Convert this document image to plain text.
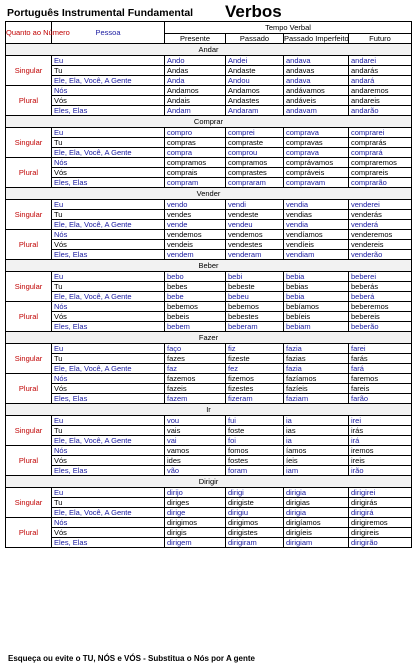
Português Instrumental Fundamental Verbos
Quanto ao Número	Pessoa	Tempo Verbal			
		Presente	Passado	Passado Imperfeito	Futuro
Andar					
Singular	Eu	Ando	Andei	andava	andarei
	Tu	Andas	Andaste	andavas	andarás
	Ele, Ela, Você, A Gente	Anda	Andou	andava	andará
Plural	Nós	Andamos	Andamos	andávamos	andaremos
	Vós	Andais	Andastes	andáveis	andareis
	Eles, Elas	Andam	Andaram	andavam	andarão
Comprar					
Singular	Eu	compro	comprei	comprava	comprarei
	Tu	compras	compraste	compravas	comprarás
	Ele, Ela, Você, A Gente	compra	comprou	comprava	comprará
Plural	Nós	compramos	compramos	comprávamos	compraremos
	Vós	comprais	comprastes	compráveis	comprareis
	Eles, Elas	compram	compraram	compravam	comprarão
Vender					
Singular	Eu	vendo	vendi	vendia	venderei
	Tu	vendes	vendeste	vendias	venderás
	Ele, Ela, Você, A Gente	vende	vendeu	vendia	venderá
Plural	Nós	vendemos	vendemos	vendíamos	venderemos
	Vós	vendeis	vendestes	vendíeis	vendereis
	Eles, Elas	vendem	venderam	vendiam	venderão
Beber					
Singular	Eu	bebo	bebi	bebia	beberei
	Tu	bebes	bebeste	bebias	beberás
	Ele, Ela, Você, A Gente	bebe	bebeu	bebia	beberá
Plural	Nós	bebemos	bebemos	bebíamos	beberemos
	Vós	bebeis	bebestes	bebíeis	bebereis
	Eles, Elas	bebem	beberam	bebiam	beberão
Fazer					
Singular	Eu	faço	fiz	fazia	farei
	Tu	fazes	fizeste	fazias	farás
	Ele, Ela, Você, A Gente	faz	fez	fazia	fará
Plural	Nós	fazemos	fizemos	fazíamos	faremos
	Vós	fazeis	fizestes	fazíeis	fareis
	Eles, Elas	fazem	fizeram	faziam	farão
Ir					
Singular	Eu	vou	fui	ia	irei
	Tu	vais	foste	ias	irás
	Ele, Ela, Você, A Gente	vai	foi	ia	irá
Plural	Nós	vamos	fomos	íamos	iremos
	Vós	ides	fostes	íeis	ireis
	Eles, Elas	vão	foram	iam	irão
Dirigir					
Singular	Eu	dirijo	dirigi	dirigia	dirigirei
	Tu	diriges	dirigiste	dirigias	dirigirás
	Ele, Ela, Você, A Gente	dirige	dirigiu	dirigia	dirigirá
Plural	Nós	dirigimos	dirigimos	dirigíamos	dirigiremos
	Vós	dirigis	dirigistes	dirigíeis	dirigireis
	Eles, Elas	dirigem	dirigiram	dirigiam	dirigirão
Esqueça ou evite o TU, NÓS e VÓS - Substitua o Nós por A gente
